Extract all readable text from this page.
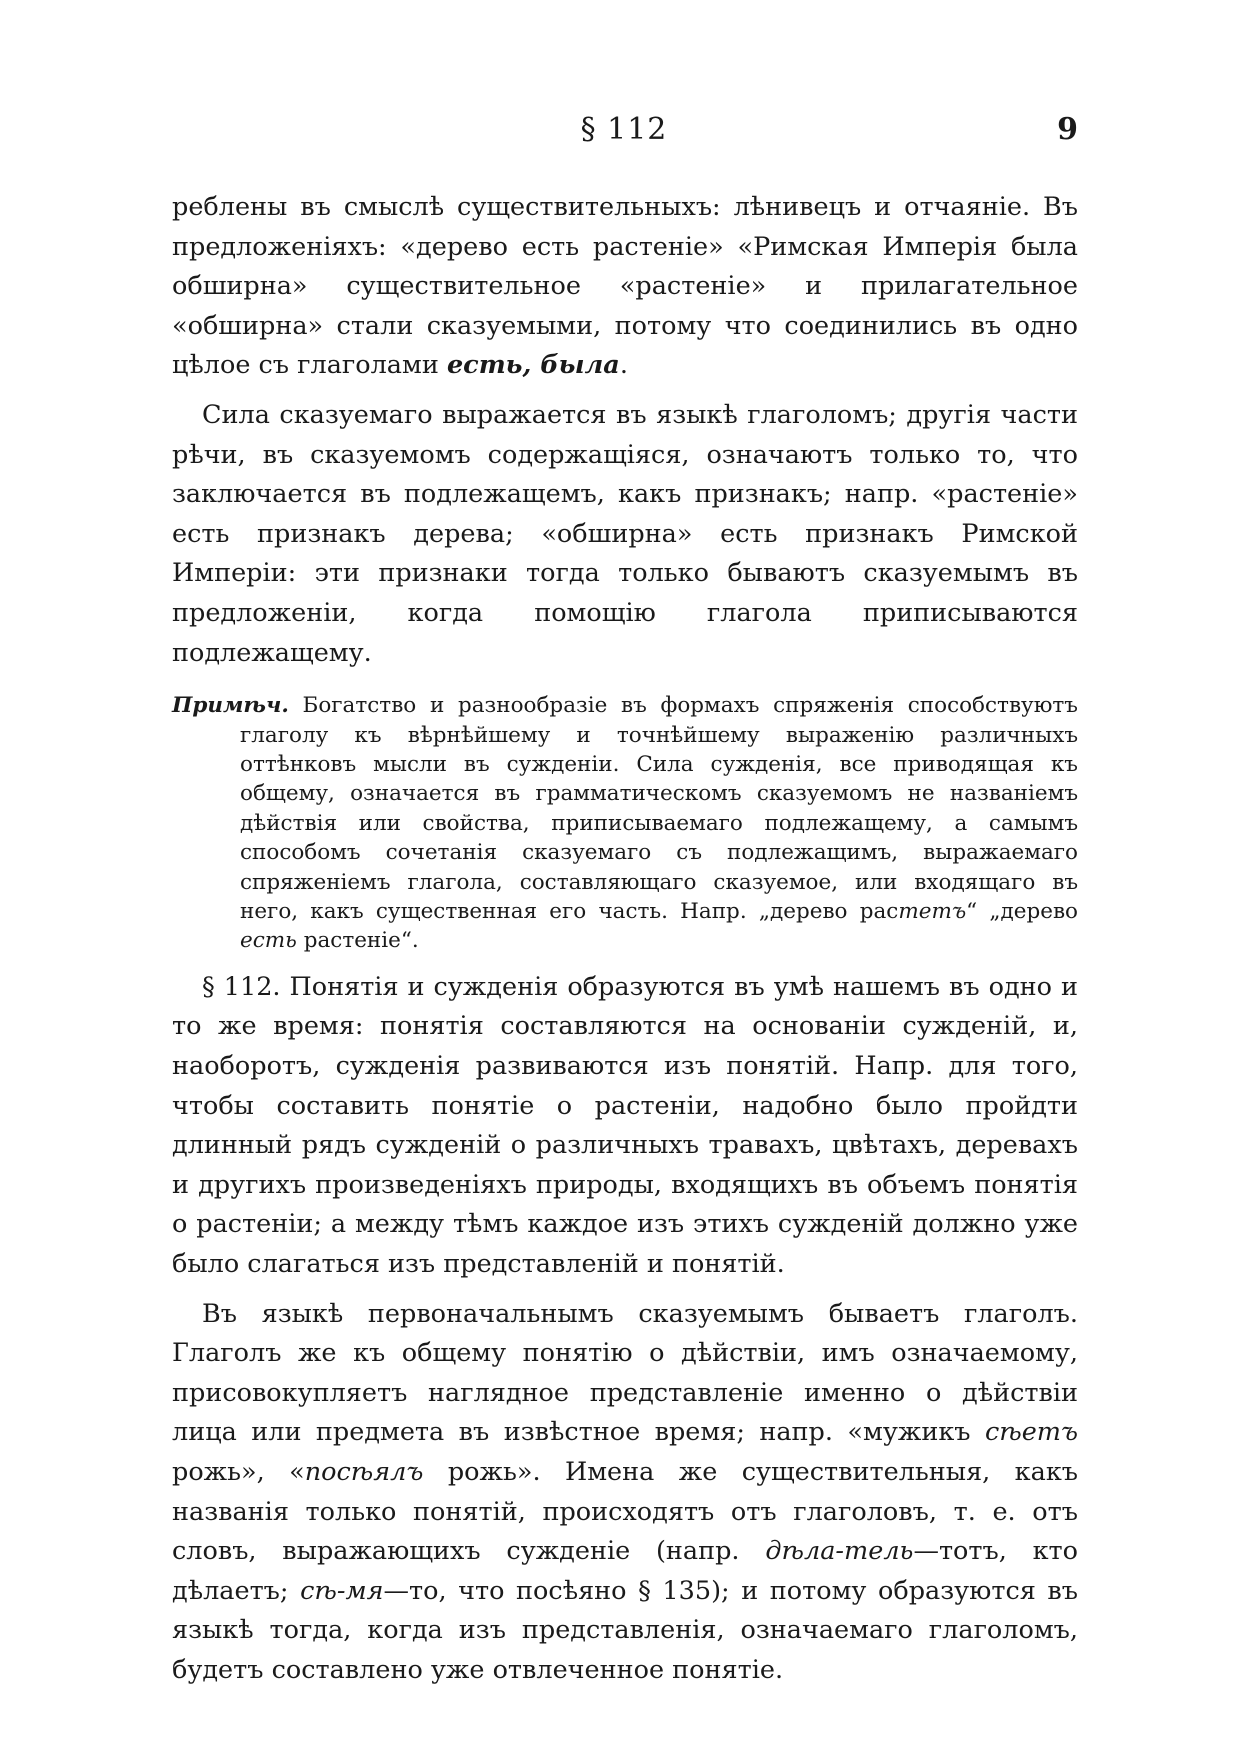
§ 112	9

реблены въ смыслѣ существительныхъ: лѣнивецъ и отчаяніе. Въ предложеніяхъ: «дерево есть растеніе» «Римская Имперія была обширна» существительное «растеніе» и прилагательное «обширна» стали сказуемыми, потому что соединились въ одно цѣлое съ глаголами есть, была.

Сила сказуемаго выражается въ языкѣ глаголомъ; другія части рѣчи, въ сказуемомъ содержащіяся, означаютъ только то, что заключается въ подлежащемъ, какъ признакъ; напр. «растеніе» есть признакъ дерева; «обширна» есть признакъ Римской Имперіи: эти признаки тогда только бываютъ сказуемымъ въ предложеніи, когда помощію глагола приписываются подлежащему.

Примѣч. Богатство и разнообразіе въ формахъ спряженія способствуютъ глаголу къ вѣрнѣйшему и точнѣйшему выраженію различныхъ оттѣнковъ мысли въ сужденіи. Сила сужденія, все приводящая къ общему, означается въ грамматическомъ сказуемомъ не названіемъ дѣйствія или свойства, приписываемаго подлежащему, а самымъ способомъ сочетанія сказуемаго съ подлежащимъ, выражаемаго спряженіемъ глагола, составляющаго сказуемое, или входящаго въ него, какъ существенная его часть. Напр. „дерево растетъ“ „дерево есть растеніе“.

§ 112. Понятія и сужденія образуются въ умѣ нашемъ въ одно и то же время: понятія составляются на основаніи сужденій, и, наоборотъ, сужденія развиваются изъ понятій. Напр. для того, чтобы составить понятіе о растеніи, надобно было пройдти длинный рядъ сужденій о различныхъ травахъ, цвѣтахъ, деревахъ и другихъ произведеніяхъ природы, входящихъ въ объемъ понятія о растеніи; а между тѣмъ каждое изъ этихъ сужденій должно уже было слагаться изъ представленій и понятій.

Въ языкѣ первоначальнымъ сказуемымъ бываетъ глаголъ. Глаголъ же къ общему понятію о дѣйствіи, имъ означаемому, присовокупляетъ наглядное представленіе именно о дѣйствіи лица или предмета въ извѣстное время; напр. «мужикъ сѣетъ рожь», «посѣялъ рожь». Имена же существительныя, какъ названія только понятій, происходятъ отъ глаголовъ, т. е. отъ словъ, выражающихъ сужденіе (напр. дѣла-тель—тотъ, кто дѣлаетъ; сѣ-мя—то, что посѣяно § 135); и потому образуются въ языкѣ тогда, когда изъ представленія, означаемаго глаголомъ, будетъ составлено уже отвлеченное понятіе.
